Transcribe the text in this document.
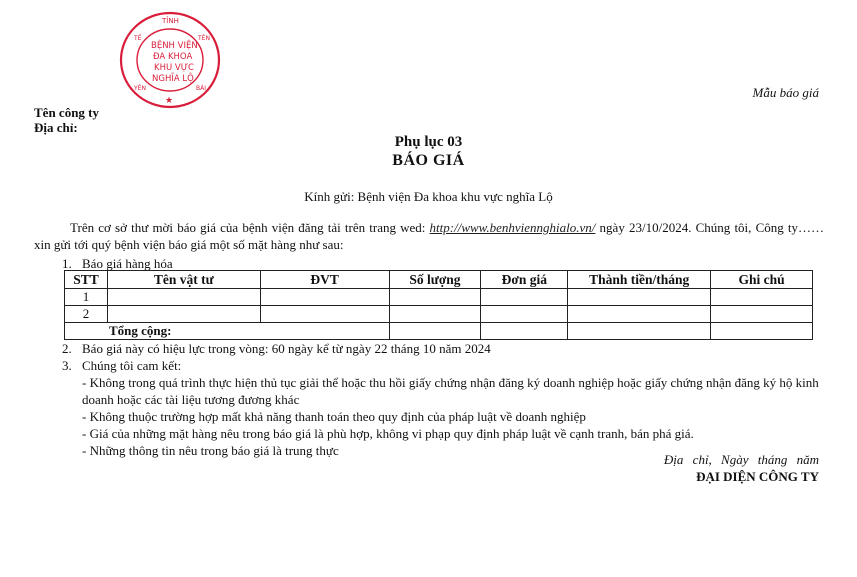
TỈNH
TẾ	TÊN
YÊN	BÁI
BỆNH VIỆN
ĐA KHOA
KHU VỰC
NGHĨA LỘ
★
Mẫu báo giá
Tên công ty
Địa chỉ:
Phụ lục 03
BÁO GIÁ
Kính gửi: Bệnh viện Đa khoa khu vực nghĩa Lộ
Trên cơ sở thư mời báo giá của bệnh viện đăng tải trên trang wed: http://www.benhviennghialo.vn/ ngày 23/10/2024. Chúng tôi, Công ty…… xin gửi tới quý bệnh viện báo giá một số mặt hàng như sau:
1. Báo giá hàng hóa
STT	Tên vật tư	ĐVT	Số lượng	Đơn giá	Thành tiền/tháng	Ghi chú
1						
2						
Tổng cộng:						
2. Báo giá này có hiệu lực trong vòng: 60 ngày kể từ ngày 22 tháng 10 năm 2024
3. Chúng tôi cam kết:
- Không trong quá trình thực hiện thủ tục giải thể hoặc thu hồi giấy chứng nhận đăng ký doanh nghiệp hoặc giấy chứng nhận đăng ký hộ kinh doanh hoặc các tài liệu tương đương khác
- Không thuộc trường hợp mất khả năng thanh toán theo quy định của pháp luật về doanh nghiệp
- Giá của những mặt hàng nêu trong báo giá là phù hợp, không vi phạp quy định pháp luật về cạnh tranh, bán phá giá.
- Những thông tin nêu trong báo giá là trung thực
Địa chỉ, Ngày tháng năm
ĐẠI DIỆN CÔNG TY
